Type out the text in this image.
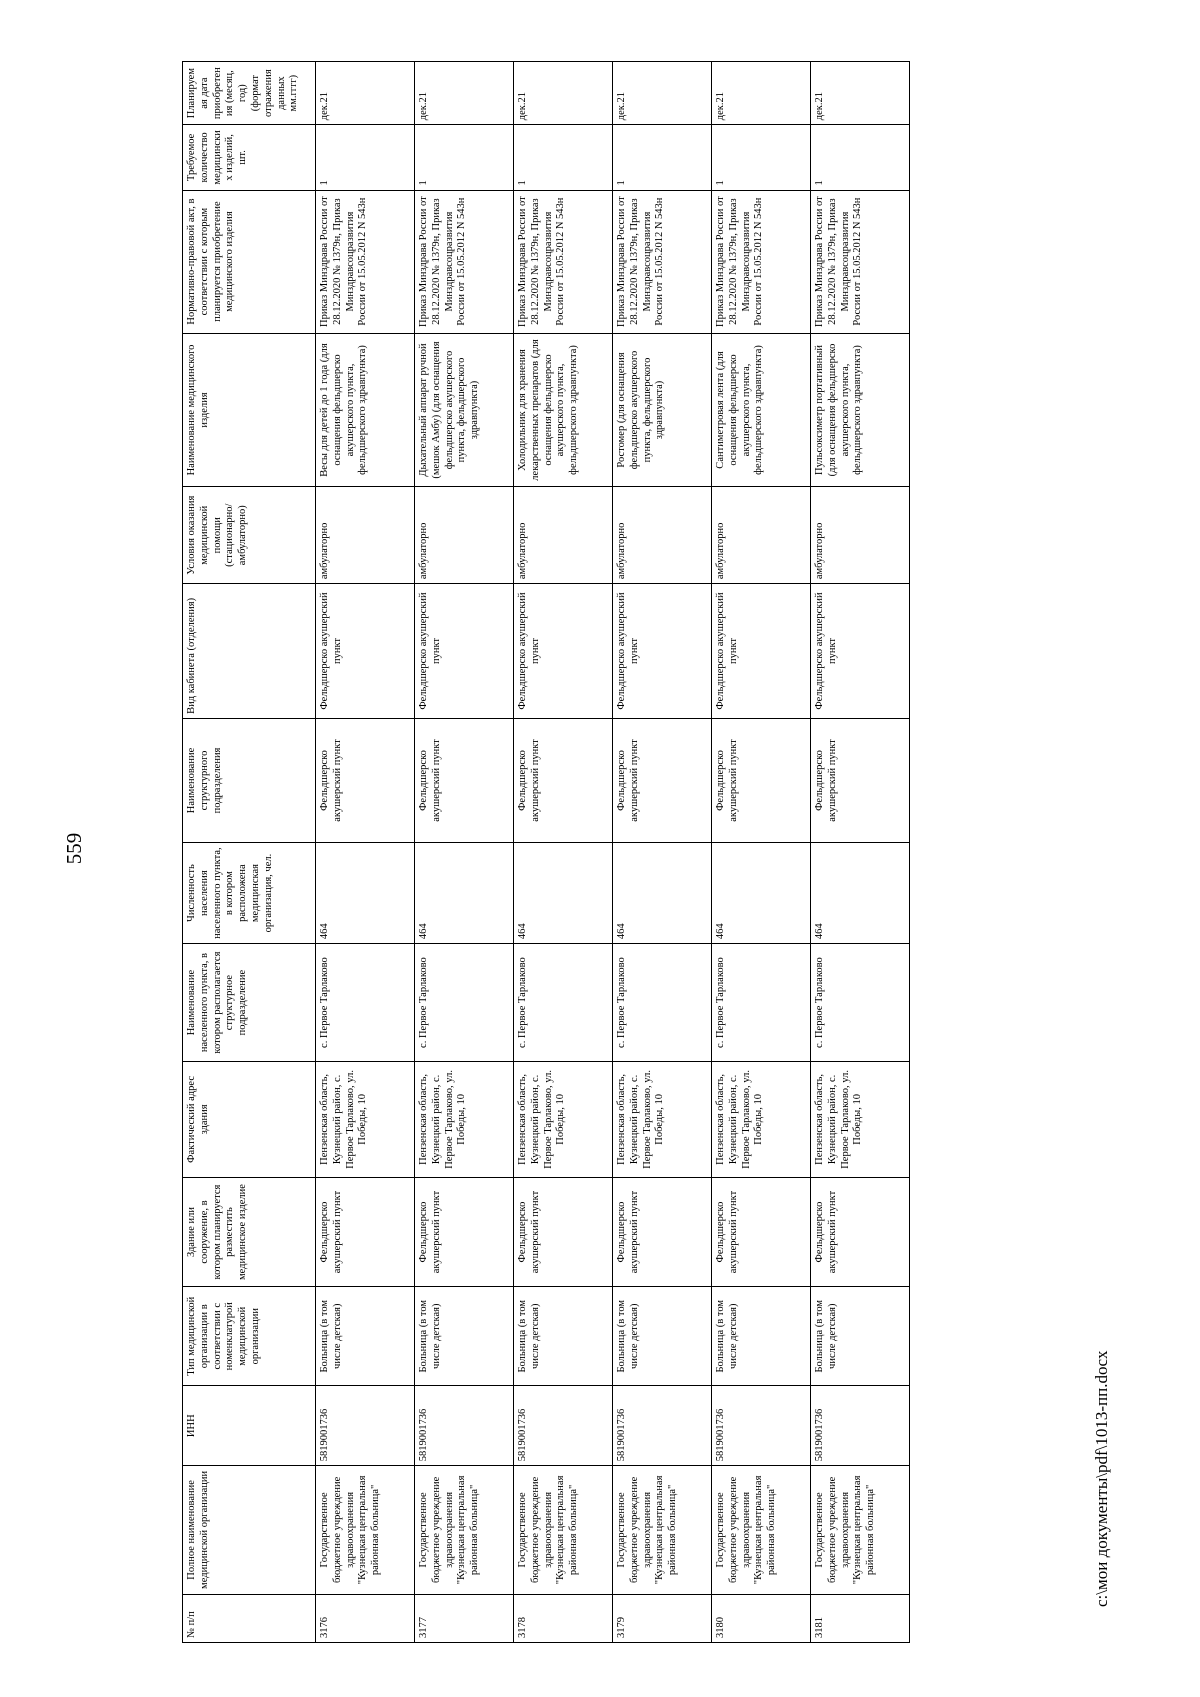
559
№ п/п	Полное наименование медицинской организации	ИНН	Тип медицинской организации в соответствии с номенклатурой медицинской организации	Здание или сооружение, в котором планируется разместить медицинское изделие	Фактический адрес здания	Наименование населенного пункта, в котором располагается структурное подразделение	Численность населения населенного пункта, в котором расположена медицинская организация, чел.	Наименование структурного подразделения	Вид кабинета (отделения)	Условия оказания медицинской помощи (стационарно/амбулаторно)	Наименование медицинского изделия	Нормативно-правовой акт, в соответствии с которым планируется приобретение медицинского изделия	Требуемое количество медицинских изделий, шт.	Планируемая дата приобретения (месяц, год) (формат отражения данных мм.гггг)
3176	Государственное бюджетное учреждение здравоохранения "Кузнецкая центральная районная больница"	5819001736	Больница (в том числе детская)	Фельдшерско акушерский пункт	Пензенская область, Кузнецкий район, с. Первое Тарлаково, ул. Победы, 10	с. Первое Тарлаково	464	Фельдшерско акушерский пункт	Фельдшерско акушерский пункт	амбулаторно	Весы для детей до 1 года (для оснащения фельдшерско акушерского пункта, фельдшерского здравпункта)	Приказ Минздрава России от 28.12.2020 № 1379н, Приказ Минздравсоцразвития России от 15.05.2012 N 543н	1	дек.21
3177	Государственное бюджетное учреждение здравоохранения "Кузнецкая центральная районная больница"	5819001736	Больница (в том числе детская)	Фельдшерско акушерский пункт	Пензенская область, Кузнецкий район, с. Первое Тарлаково, ул. Победы, 10	с. Первое Тарлаково	464	Фельдшерско акушерский пункт	Фельдшерско акушерский пункт	амбулаторно	Дыхательный аппарат ручной (мешок Амбу) (для оснащения фельдшерско акушерского пункта, фельдшерского здравпункта)	Приказ Минздрава России от 28.12.2020 № 1379н, Приказ Минздравсоцразвития России от 15.05.2012 N 543н	1	дек.21
3178	Государственное бюджетное учреждение здравоохранения "Кузнецкая центральная районная больница"	5819001736	Больница (в том числе детская)	Фельдшерско акушерский пункт	Пензенская область, Кузнецкий район, с. Первое Тарлаково, ул. Победы, 10	с. Первое Тарлаково	464	Фельдшерско акушерский пункт	Фельдшерско акушерский пункт	амбулаторно	Холодильник для хранения лекарственных препаратов (для оснащения фельдшерско акушерского пункта, фельдшерского здравпункта)	Приказ Минздрава России от 28.12.2020 № 1379н, Приказ Минздравсоцразвития России от 15.05.2012 N 543н	1	дек.21
3179	Государственное бюджетное учреждение здравоохранения "Кузнецкая центральная районная больница"	5819001736	Больница (в том числе детская)	Фельдшерско акушерский пункт	Пензенская область, Кузнецкий район, с. Первое Тарлаково, ул. Победы, 10	с. Первое Тарлаково	464	Фельдшерско акушерский пункт	Фельдшерско акушерский пункт	амбулаторно	Ростомер (для оснащения фельдшерско акушерского пункта, фельдшерского здравпункта)	Приказ Минздрава России от 28.12.2020 № 1379н, Приказ Минздравсоцразвития России от 15.05.2012 N 543н	1	дек.21
3180	Государственное бюджетное учреждение здравоохранения "Кузнецкая центральная районная больница"	5819001736	Больница (в том числе детская)	Фельдшерско акушерский пункт	Пензенская область, Кузнецкий район, с. Первое Тарлаково, ул. Победы, 10	с. Первое Тарлаково	464	Фельдшерско акушерский пункт	Фельдшерско акушерский пункт	амбулаторно	Сантиметровая лента (для оснащения фельдшерско акушерского пункта, фельдшерского здравпункта)	Приказ Минздрава России от 28.12.2020 № 1379н, Приказ Минздравсоцразвития России от 15.05.2012 N 543н	1	дек.21
3181	Государственное бюджетное учреждение здравоохранения "Кузнецкая центральная районная больница"	5819001736	Больница (в том числе детская)	Фельдшерско акушерский пункт	Пензенская область, Кузнецкий район, с. Первое Тарлаково, ул. Победы, 10	с. Первое Тарлаково	464	Фельдшерско акушерский пункт	Фельдшерско акушерский пункт	амбулаторно	Пульсоксиметр портативный (для оснащения фельдшерско акушерского пункта, фельдшерского здравпункта)	Приказ Минздрава России от 28.12.2020 № 1379н, Приказ Минздравсоцразвития России от 15.05.2012 N 543н	1	дек.21
c:\мои документы\pdf\1013-пп.docx
